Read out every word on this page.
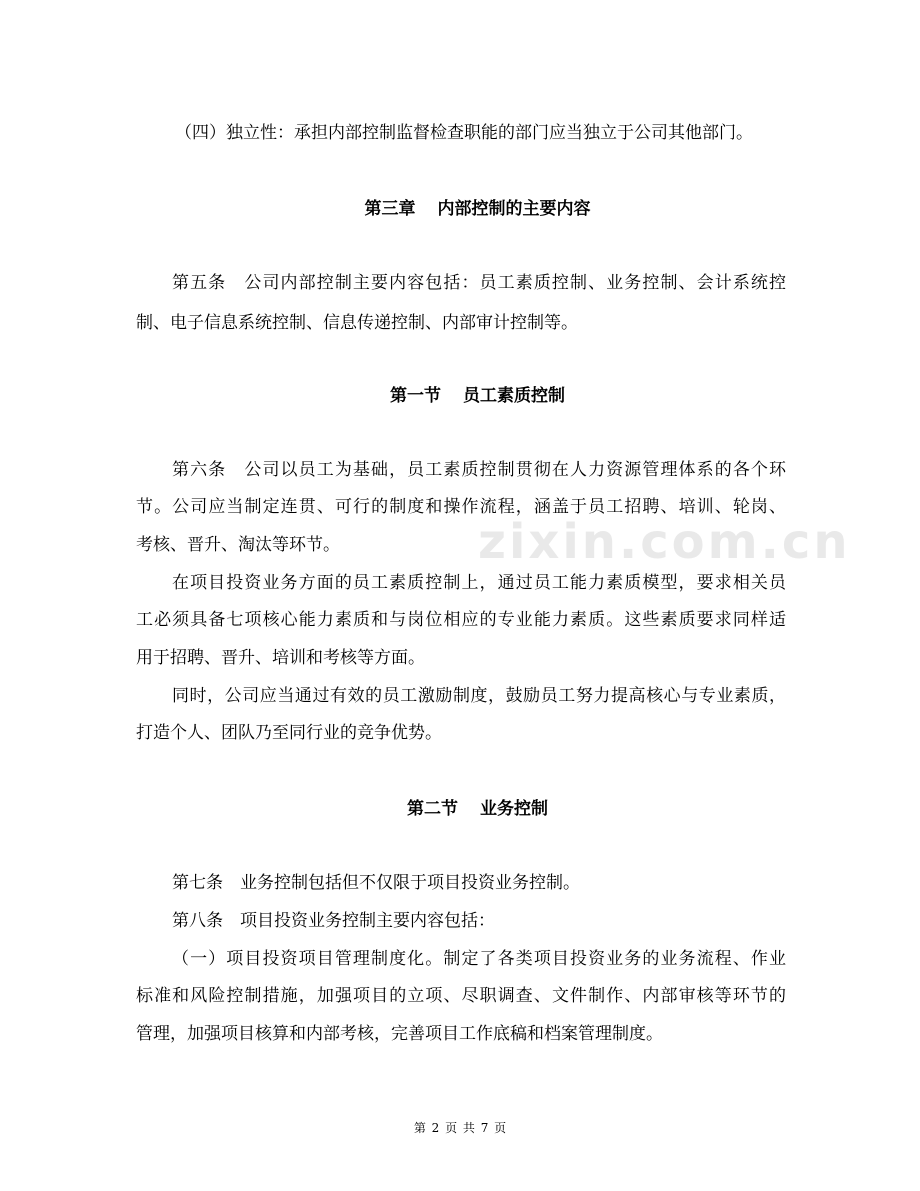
（四）独立性：承担内部控制监督检查职能的部门应当独立于公司其他部门。
第三章 内部控制的主要内容
第五条　公司内部控制主要内容包括：员工素质控制、业务控制、会计系统控
制、电子信息系统控制、信息传递控制、内部审计控制等。
第一节 员工素质控制
第六条　公司以员工为基础，员工素质控制贯彻在人力资源管理体系的各个环
节。公司应当制定连贯、可行的制度和操作流程，涵盖于员工招聘、培训、轮岗、
考核、晋升、淘汰等环节。
在项目投资业务方面的员工素质控制上，通过员工能力素质模型，要求相关员
工必须具备七项核心能力素质和与岗位相应的专业能力素质。这些素质要求同样适
用于招聘、晋升、培训和考核等方面。
同时，公司应当通过有效的员工激励制度，鼓励员工努力提高核心与专业素质，
打造个人、团队乃至同行业的竞争优势。
第二节 业务控制
第七条　业务控制包括但不仅限于项目投资业务控制。
第八条　项目投资业务控制主要内容包括：
（一）项目投资项目管理制度化。制定了各类项目投资业务的业务流程、作业
标准和风险控制措施，加强项目的立项、尽职调查、文件制作、内部审核等环节的
管理，加强项目核算和内部考核，完善项目工作底稿和档案管理制度。
zixin.com.cn
第 2 页 共 7 页
